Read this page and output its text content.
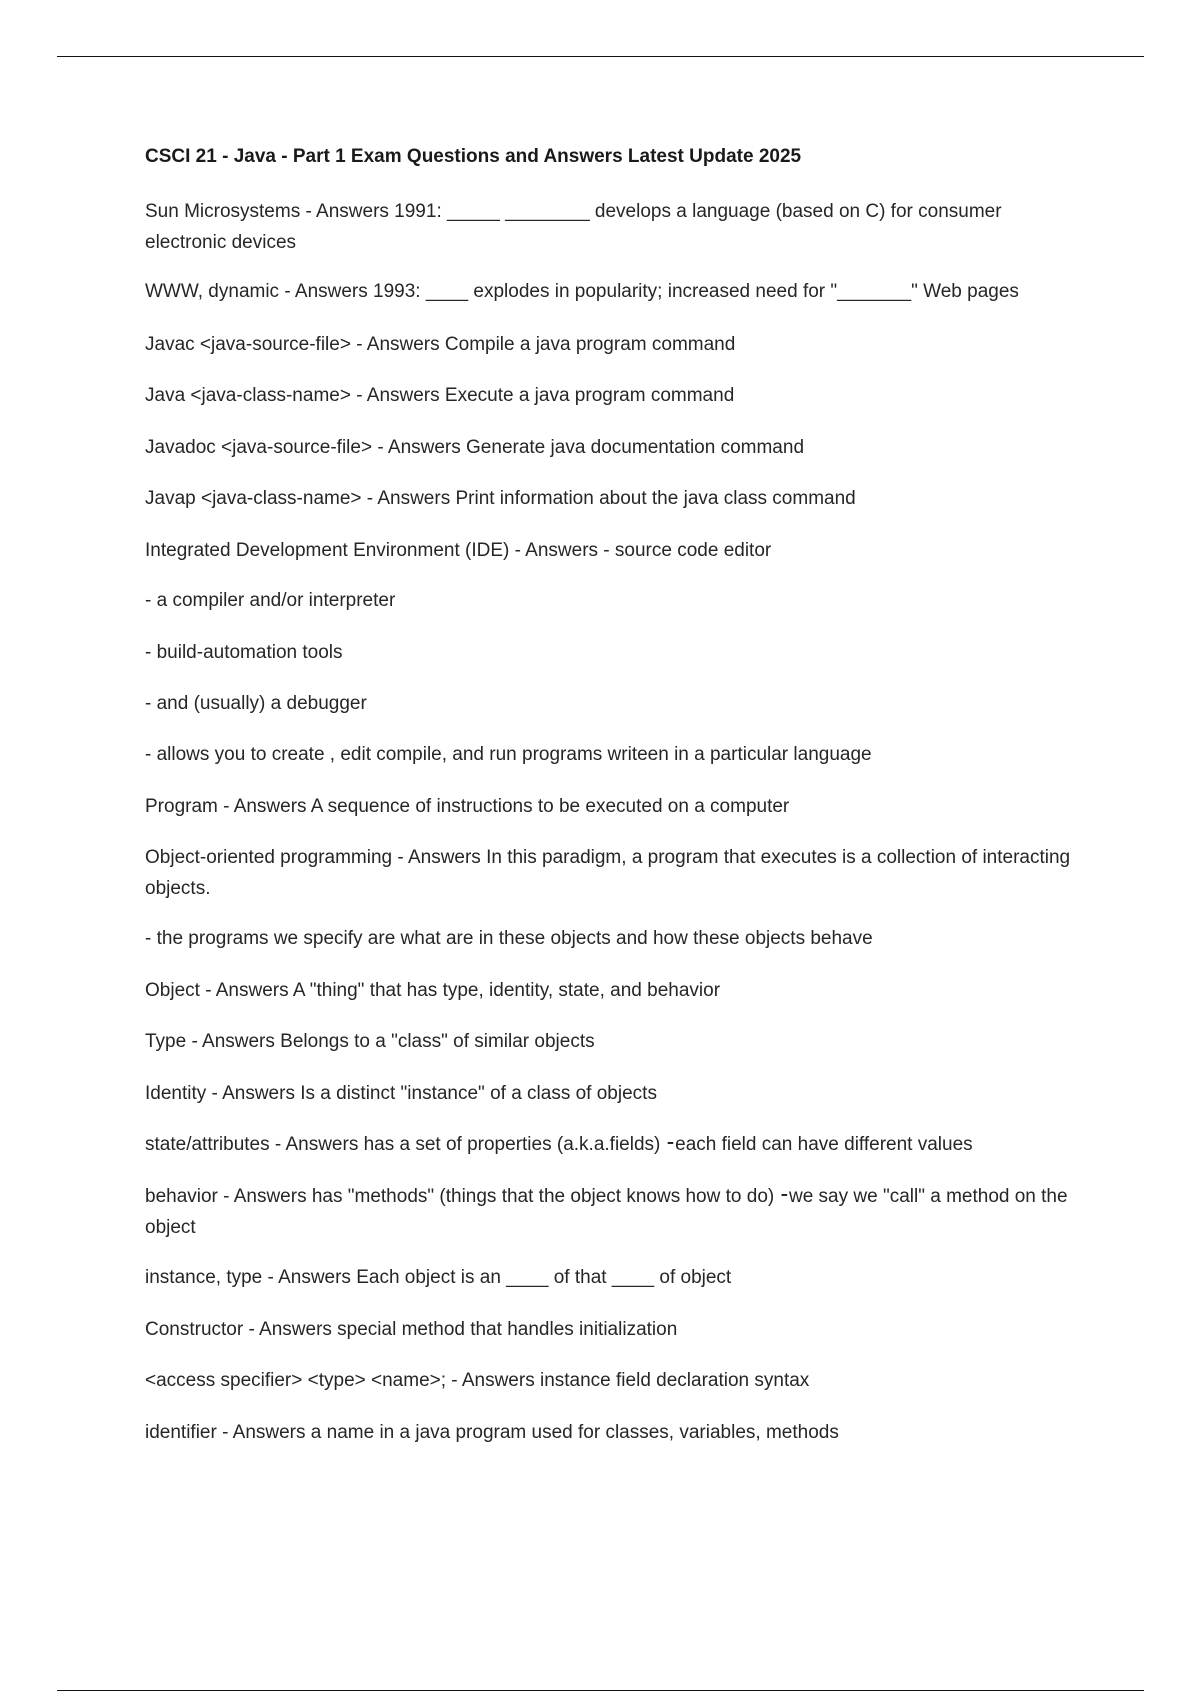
CSCI 21 - Java - Part 1 Exam Questions and Answers Latest Update 2025
Sun Microsystems - Answers 1991: _____ ________ develops a language (based on C) for consumer electronic devices
WWW, dynamic - Answers 1993: ____ explodes in popularity; increased need for "_______" Web pages
Javac <java-source-file> - Answers Compile a java program command
Java <java-class-name> - Answers Execute a java program command
Javadoc <java-source-file> - Answers Generate java documentation command
Javap <java-class-name> - Answers Print information about the java class command
Integrated Development Environment (IDE) - Answers - source code editor
- a compiler and/or interpreter
- build-automation tools
- and (usually) a debugger
- allows you to create , edit compile, and run programs writeen in a particular language
Program - Answers A sequence of instructions to be executed on a computer
Object-oriented programming - Answers In this paradigm, a program that executes is a collection of interacting objects.
- the programs we specify are what are in these objects and how these objects behave
Object - Answers A "thing" that has type, identity, state, and behavior
Type - Answers Belongs to a "class" of similar objects
Identity - Answers Is a distinct "instance" of a class of objects
state/attributes - Answers has a set of properties (a.k.a.fields) ⁃each field can have different values
behavior - Answers has "methods" (things that the object knows how to do) ⁃we say we "call" a method on the object
instance, type - Answers Each object is an ____ of that ____ of object
Constructor - Answers special method that handles initialization
<access specifier> <type> <name>; - Answers instance field declaration syntax
identifier - Answers a name in a java program used for classes, variables, methods
